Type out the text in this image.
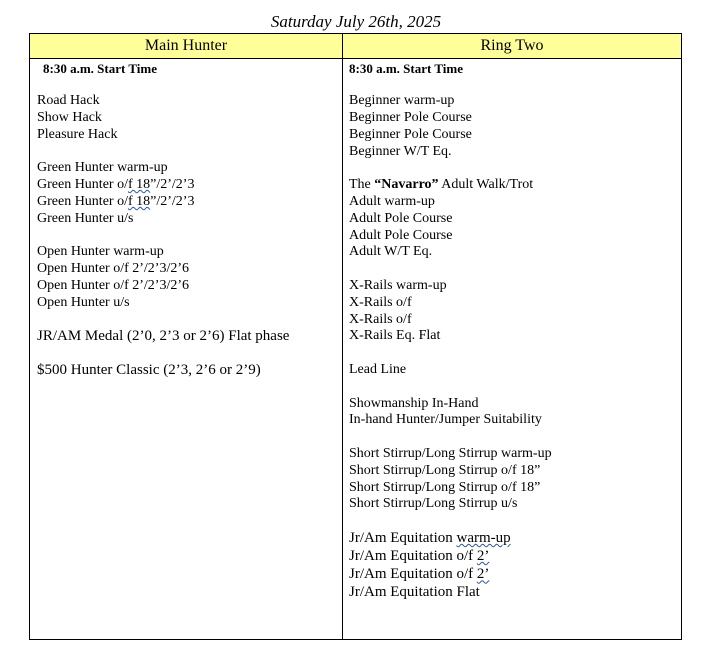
Saturday July 26th, 2025
Main Hunter	Ring Two
8:30 a.m. Start Time
Road Hack
Show Hack
Pleasure Hack
Green Hunter warm-up
Green Hunter o/f 18”/2’/2’3
Green Hunter o/f 18”/2’/2’3
Green Hunter u/s
Open Hunter warm-up
Open Hunter o/f 2’/2’3/2’6
Open Hunter o/f 2’/2’3/2’6
Open Hunter u/s
JR/AM Medal (2’0, 2’3 or 2’6) Flat phase
$500 Hunter Classic (2’3, 2’6 or 2’9)
8:30 a.m. Start Time
Beginner warm-up
Beginner Pole Course
Beginner Pole Course
Beginner W/T Eq.
The “Navarro” Adult Walk/Trot
Adult warm-up
Adult Pole Course
Adult Pole Course
Adult W/T Eq.
X-Rails warm-up
X-Rails o/f
X-Rails o/f
X-Rails Eq. Flat
Lead Line
Showmanship In-Hand
In-hand Hunter/Jumper Suitability
Short Stirrup/Long Stirrup warm-up
Short Stirrup/Long Stirrup o/f 18”
Short Stirrup/Long Stirrup o/f 18”
Short Stirrup/Long Stirrup u/s
Jr/Am Equitation warm-up
Jr/Am Equitation o/f 2’
Jr/Am Equitation o/f 2’
Jr/Am Equitation Flat
